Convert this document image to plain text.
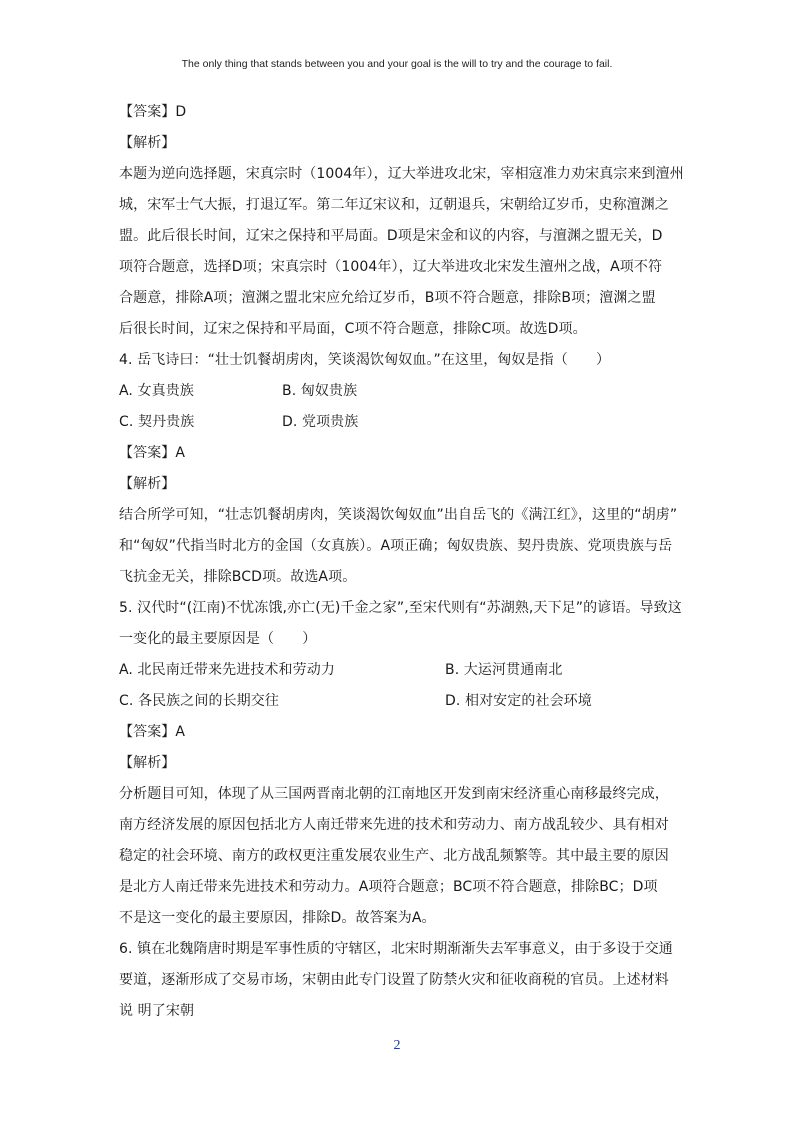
The only thing that stands between you and your goal is the will to try and the courage to fail.
【答案】D
【解析】
本题为逆向选择题，宋真宗时（1004年），辽大举进攻北宋，宰相寇准力劝宋真宗来到澶州
城，宋军士气大振，打退辽军。第二年辽宋议和，辽朝退兵，宋朝给辽岁币，史称澶渊之
盟。此后很长时间，辽宋之保持和平局面。D项是宋金和议的内容，与澶渊之盟无关，D
项符合题意，选择D项；宋真宗时（1004年），辽大举进攻北宋发生澶州之战，A项不符
合题意，排除A项；澶渊之盟北宋应允给辽岁币，B项不符合题意，排除B项；澶渊之盟
后很长时间，辽宋之保持和平局面，C项不符合题意，排除C项。故选D项。
4. 岳飞诗曰：“壮士饥餐胡虏肉，笑谈渴饮匈奴血。”在这里，匈奴是指（　　）
A. 女真贵族	B. 匈奴贵族
C. 契丹贵族	D. 党项贵族
【答案】A
【解析】
结合所学可知，“壮志饥餐胡虏肉，笑谈渴饮匈奴血”出自岳飞的《满江红》，这里的“胡虏”
和“匈奴”代指当时北方的金国（女真族）。A项正确；匈奴贵族、契丹贵族、党项贵族与岳
飞抗金无关，排除BCD项。故选A项。
5. 汉代时“(江南)不忧冻饿,亦亡(无)千金之家”,至宋代则有“苏湖熟,天下足”的谚语。导致这
一变化的最主要原因是（　　）
A. 北民南迁带来先进技术和劳动力	B. 大运河贯通南北
C. 各民族之间的长期交往	D. 相对安定的社会环境
【答案】A
【解析】
分析题目可知，体现了从三国两晋南北朝的江南地区开发到南宋经济重心南移最终完成，
南方经济发展的原因包括北方人南迁带来先进的技术和劳动力、南方战乱较少、具有相对
稳定的社会环境、南方的政权更注重发展农业生产、北方战乱频繁等。其中最主要的原因
是北方人南迁带来先进技术和劳动力。A项符合题意；BC项不符合题意，排除BC；D项
不是这一变化的最主要原因，排除D。故答案为A。
6. 镇在北魏隋唐时期是军事性质的守辖区，北宋时期渐渐失去军事意义，由于多设于交通
要道，逐渐形成了交易市场，宋朝由此专门设置了防禁火灾和征收商税的官员。上述材料
说 明了宋朝
2
